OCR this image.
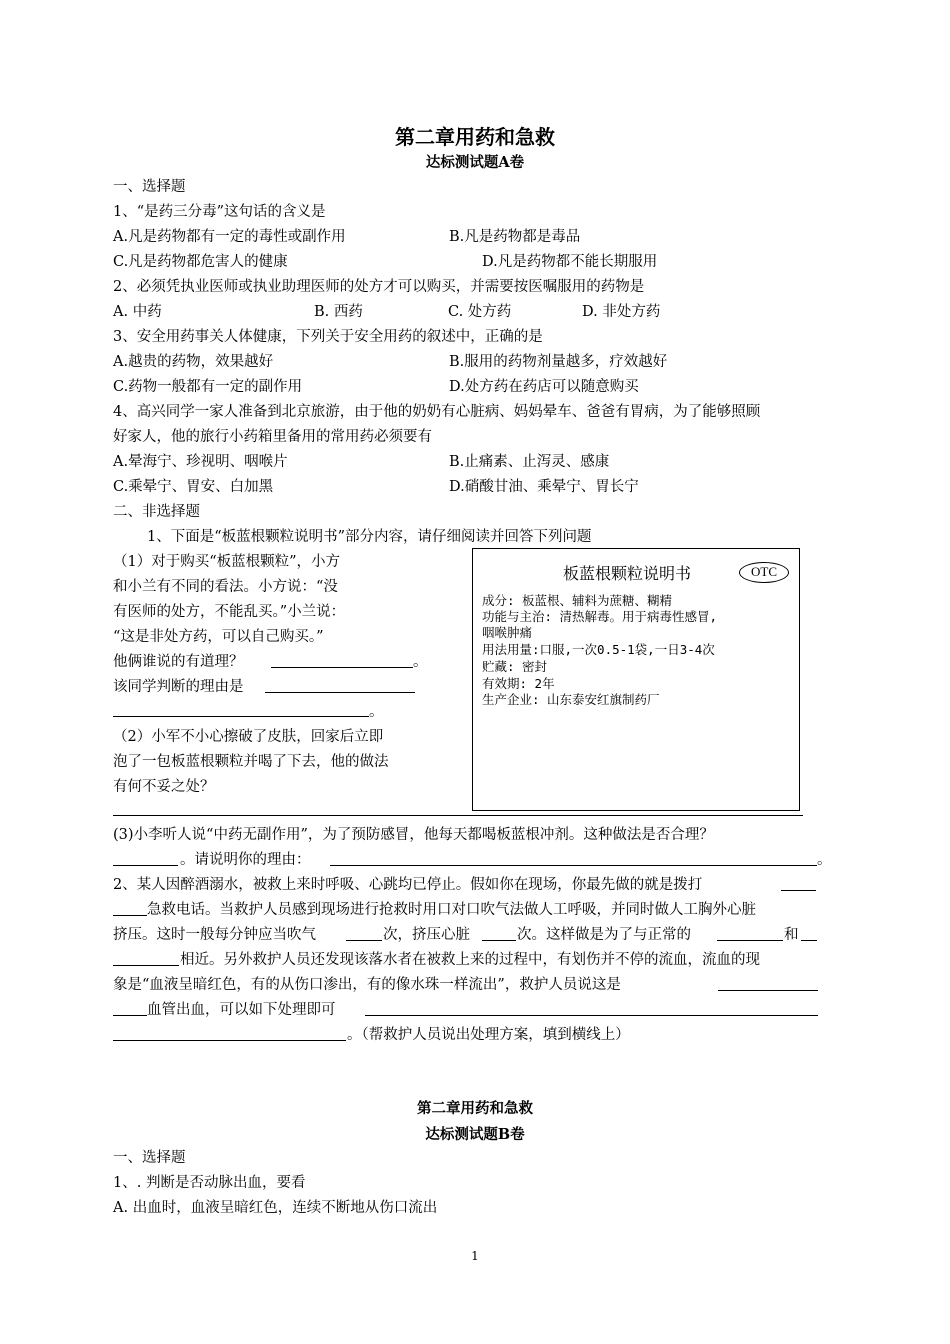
第二章用药和急救
达标测试题A卷
一、选择题
1、“是药三分毒”这句话的含义是
A.凡是药物都有一定的毒性或副作用	B.凡是药物都是毒品
C.凡是药物都危害人的健康	D.凡是药物都不能长期服用
2、必须凭执业医师或执业助理医师的处方才可以购买，并需要按医嘱服用的药物是
A. 中药	B. 西药	C. 处方药	D. 非处方药
3、安全用药事关人体健康，下列关于安全用药的叙述中，正确的是
A.越贵的药物，效果越好	B.服用的药物剂量越多，疗效越好
C.药物一般都有一定的副作用	D.处方药在药店可以随意购买
4、高兴同学一家人准备到北京旅游，由于他的奶奶有心脏病、妈妈晕车、爸爸有胃病，为了能够照顾
好家人，他的旅行小药箱里备用的常用药必须要有
A.晕海宁、珍视明、咽喉片	B.止痛素、止泻灵、感康
C.乘晕宁、胃安、白加黑	D.硝酸甘油、乘晕宁、胃长宁
二、非选择题
1、下面是“板蓝根颗粒说明书”部分内容，请仔细阅读并回答下列问题
（1）对于购买“板蓝根颗粒”，小方
和小兰有不同的看法。小方说：“没
有医师的处方，不能乱买。”小兰说：
“这是非处方药，可以自己购买。”
他俩谁说的有道理？	。
该同学判断的理由是
。
（2）小军不小心擦破了皮肤，回家后立即
泡了一包板蓝根颗粒并喝了下去，他的做法
有何不妥之处？
板蓝根颗粒说明书	OTC
成分: 板蓝根、辅料为蔗糖、糊精
功能与主治: 清热解毒。用于病毒性感冒,
咽喉肿痛
用法用量:口服,一次0.5-1袋,一日3-4次
贮藏: 密封
有效期: 2年
生产企业: 山东泰安红旗制药厂
(3)小李听人说“中药无副作用”，为了预防感冒，他每天都喝板蓝根冲剂。这种做法是否合理？
。请说明你的理由：	。
2、某人因醉酒溺水，被救上来时呼吸、心跳均已停止。假如你在现场，你最先做的就是拨打
急救电话。当救护人员感到现场进行抢救时用口对口吹气法做人工呼吸，并同时做人工胸外心脏
挤压。这时一般每分钟应当吹气	次，挤压心脏	次。这样做是为了与正常的	和
相近。另外救护人员还发现该落水者在被救上来的过程中，有划伤并不停的流血，流血的现
象是“血液呈暗红色，有的从伤口渗出，有的像水珠一样流出”，救护人员说这是
血管出血，可以如下处理即可
。（帮救护人员说出处理方案，填到横线上）
第二章用药和急救
达标测试题B卷
一、选择题
1、. 判断是否动脉出血，要看
A. 出血时，血液呈暗红色，连续不断地从伤口流出
1
